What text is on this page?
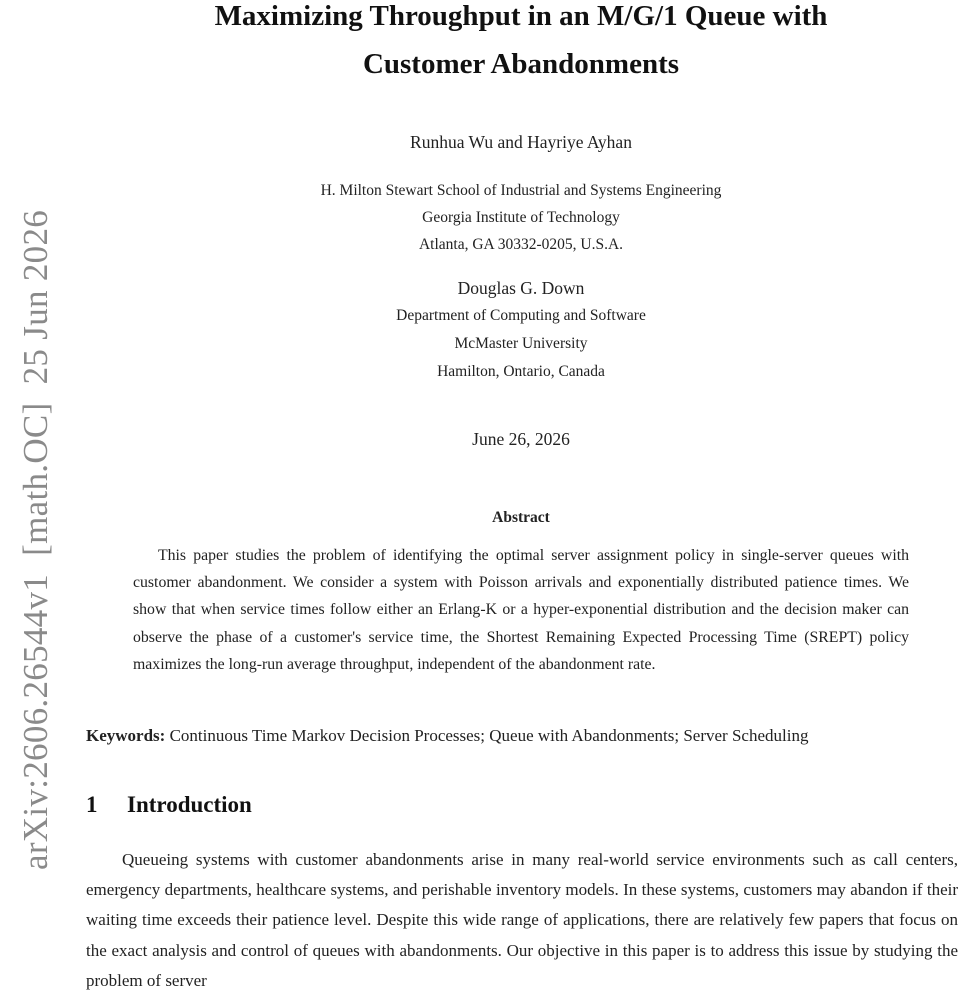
arXiv:2606.26544v1  [math.OC]  25 Jun 2026
Maximizing Throughput in an M/G/1 Queue with
Customer Abandonments
Runhua Wu and Hayriye Ayhan
H. Milton Stewart School of Industrial and Systems Engineering
Georgia Institute of Technology
Atlanta, GA 30332-0205, U.S.A.
Douglas G. Down
Department of Computing and Software
McMaster University
Hamilton, Ontario, Canada
June 26, 2026
Abstract

This paper studies the problem of identifying the optimal server assignment policy in single-server queues with customer abandonment. We consider a system with Poisson arrivals and exponentially distributed patience times. We show that when service times follow either an Erlang-K or a hyper-exponential distribution and the decision maker can observe the phase of a customer's service time, the Shortest Remaining Expected Processing Time (SREPT) policy maximizes the long-run average throughput, independent of the abandonment rate.

Keywords: Continuous Time Markov Decision Processes; Queue with Abandonments; Server Scheduling
1 Introduction

Queueing systems with customer abandonments arise in many real-world service environments such as call centers, emergency departments, healthcare systems, and perishable inventory models. In these systems, customers may abandon if their waiting time exceeds their patience level. Despite this wide range of applications, there are relatively few papers that focus on the exact analysis and control of queues with abandonments. Our objective in this paper is to address this issue by studying the problem of server
